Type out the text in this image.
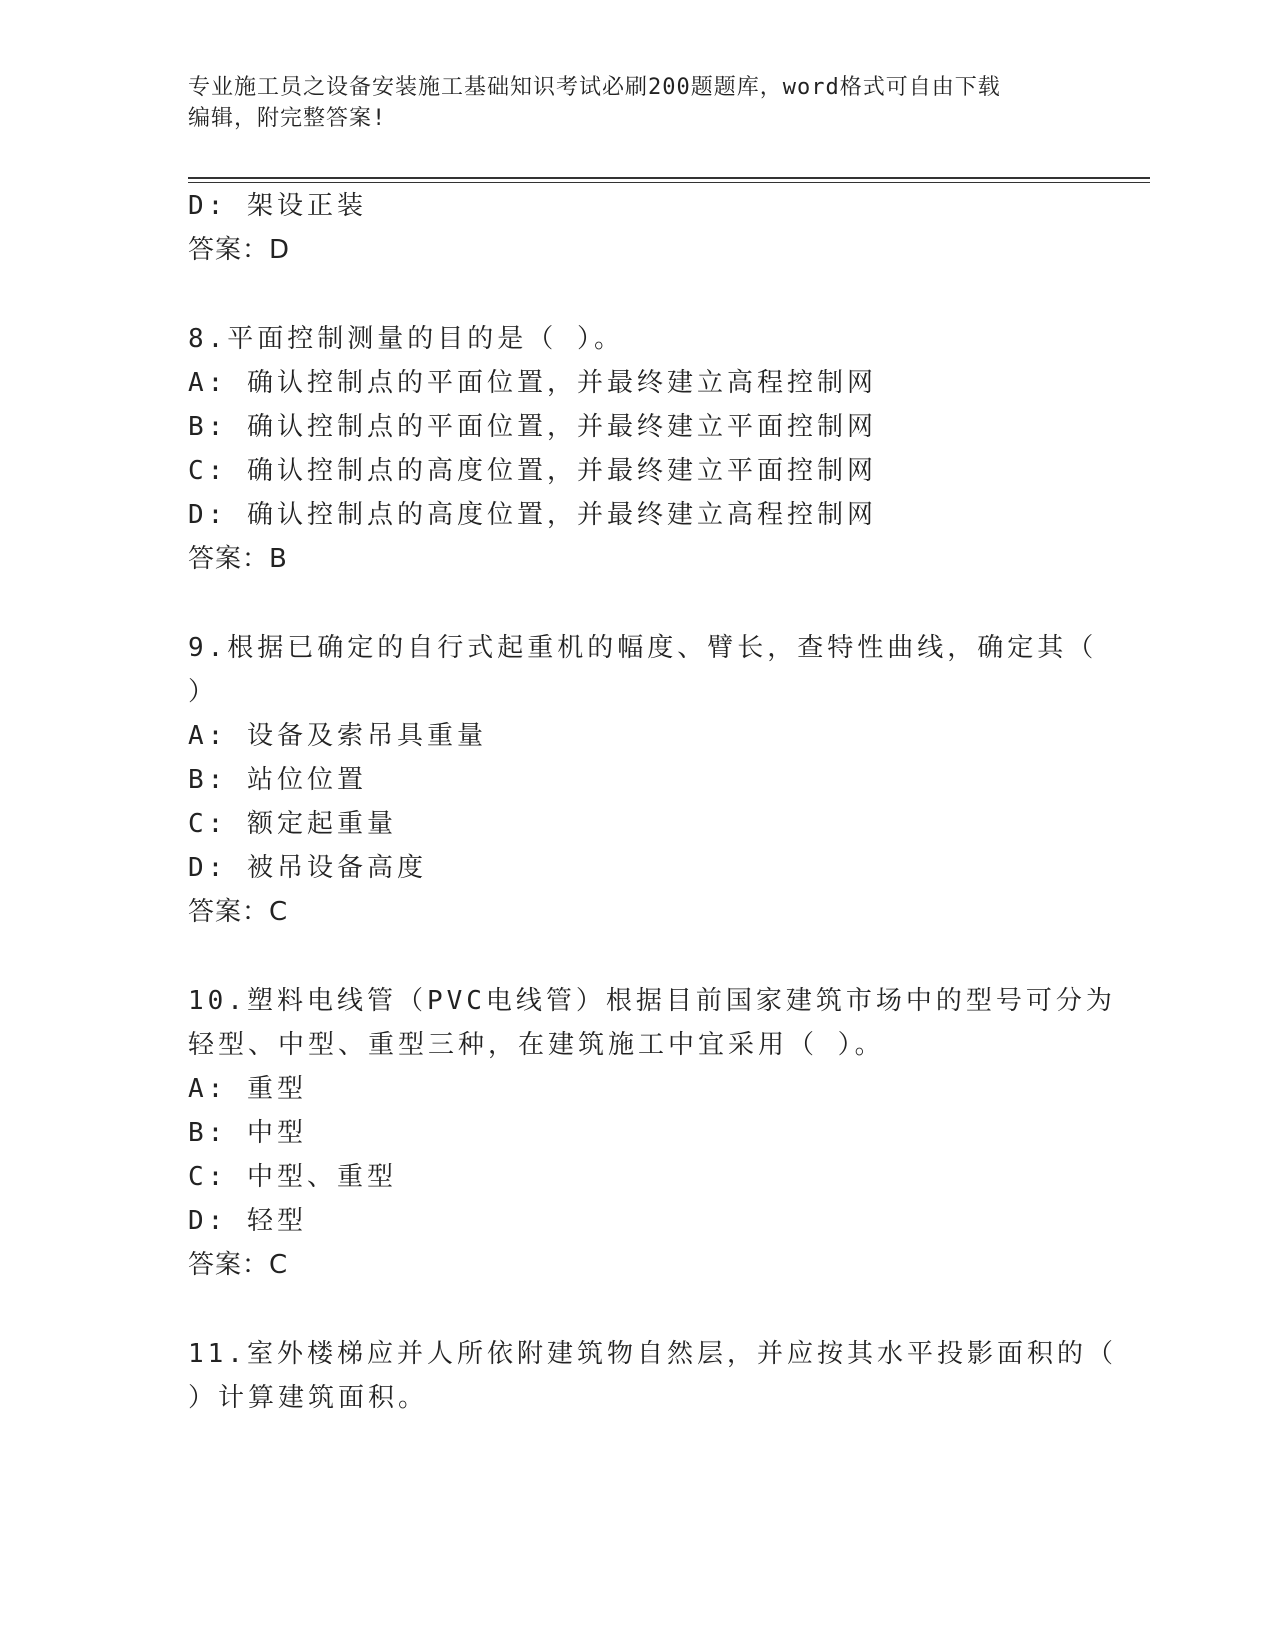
专业施工员之设备安装施工基础知识考试必刷200题题库，word格式可自由下载
编辑，附完整答案!
D: 架设正装
答案：D
8.平面控制测量的目的是（ ）。
A: 确认控制点的平面位置，并最终建立高程控制网
B: 确认控制点的平面位置，并最终建立平面控制网
C: 确认控制点的高度位置，并最终建立平面控制网
D: 确认控制点的高度位置，并最终建立高程控制网
答案：B
9.根据已确定的自行式起重机的幅度、臂长，查特性曲线，确定其（
）
A: 设备及索吊具重量
B: 站位位置
C: 额定起重量
D: 被吊设备高度
答案：C
10.塑料电线管（PVC电线管）根据目前国家建筑市场中的型号可分为
轻型、中型、重型三种，在建筑施工中宜采用（ ）。
A: 重型
B: 中型
C: 中型、重型
D: 轻型
答案：C
11.室外楼梯应并人所依附建筑物自然层，并应按其水平投影面积的（
）计算建筑面积。
